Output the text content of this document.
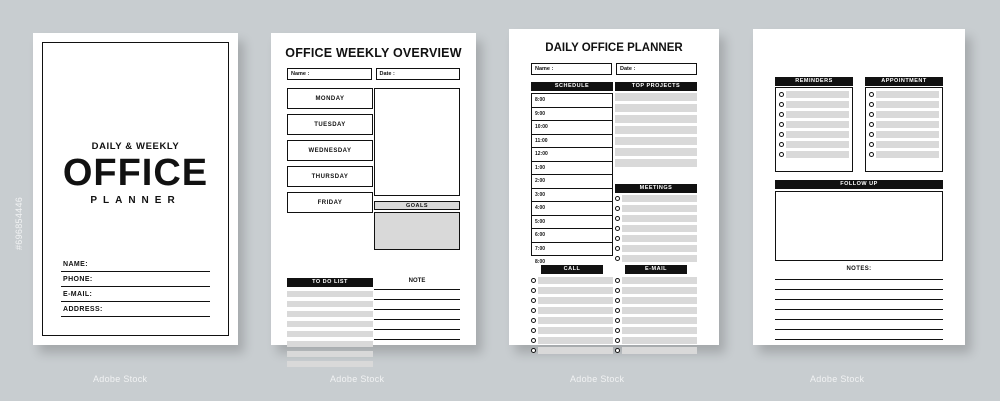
#696854446
Adobe Stock	Adobe Stock	Adobe Stock	Adobe Stock
DAILY & WEEKLY
OFFICE
PLANNER
NAME:
PHONE:
E-MAIL:
ADDRESS:
OFFICE WEEKLY OVERVIEW
Name :	Date :
MONDAY
TUESDAY
WEDNESDAY
THURSDAY
FRIDAY
GOALS
TO DO LIST	NOTE
DAILY OFFICE PLANNER
Name :	Date :
SCHEDULE
8:00
9:00
10:00
11:00
12:00
1:00
2:00
3:00
4:00
5:00
6:00
7:00
8:00
TOP PROJECTS
MEETINGS
CALL	E-MAIL
REMINDERS	APPOINTMENT
FOLLOW UP
NOTES:
